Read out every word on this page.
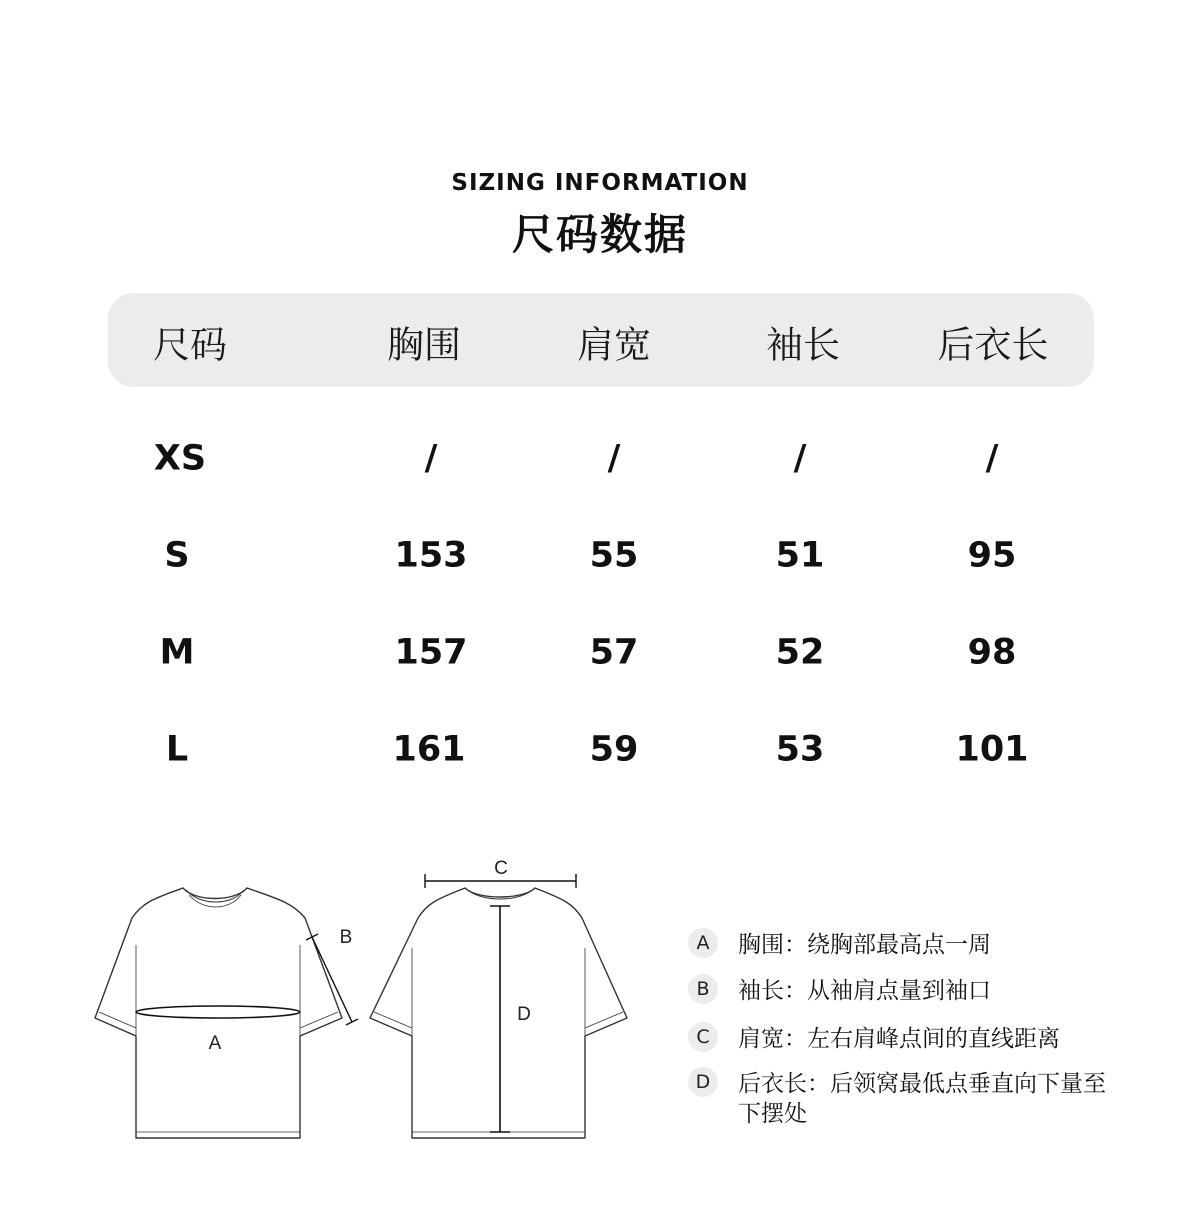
SIZING INFORMATION
尺码数据
尺码	胸围	肩宽	袖长	后衣长
XS	/	/	/	/
S	153	55	51	95
M	157	57	52	98
L	161	59	53	101
A
B
C
D
A	胸围：绕胸部最高点一周
B	袖长：从袖肩点量到袖口
C	肩宽：左右肩峰点间的直线距离
D	后衣长：后领窝最低点垂直向下量至下摆处
